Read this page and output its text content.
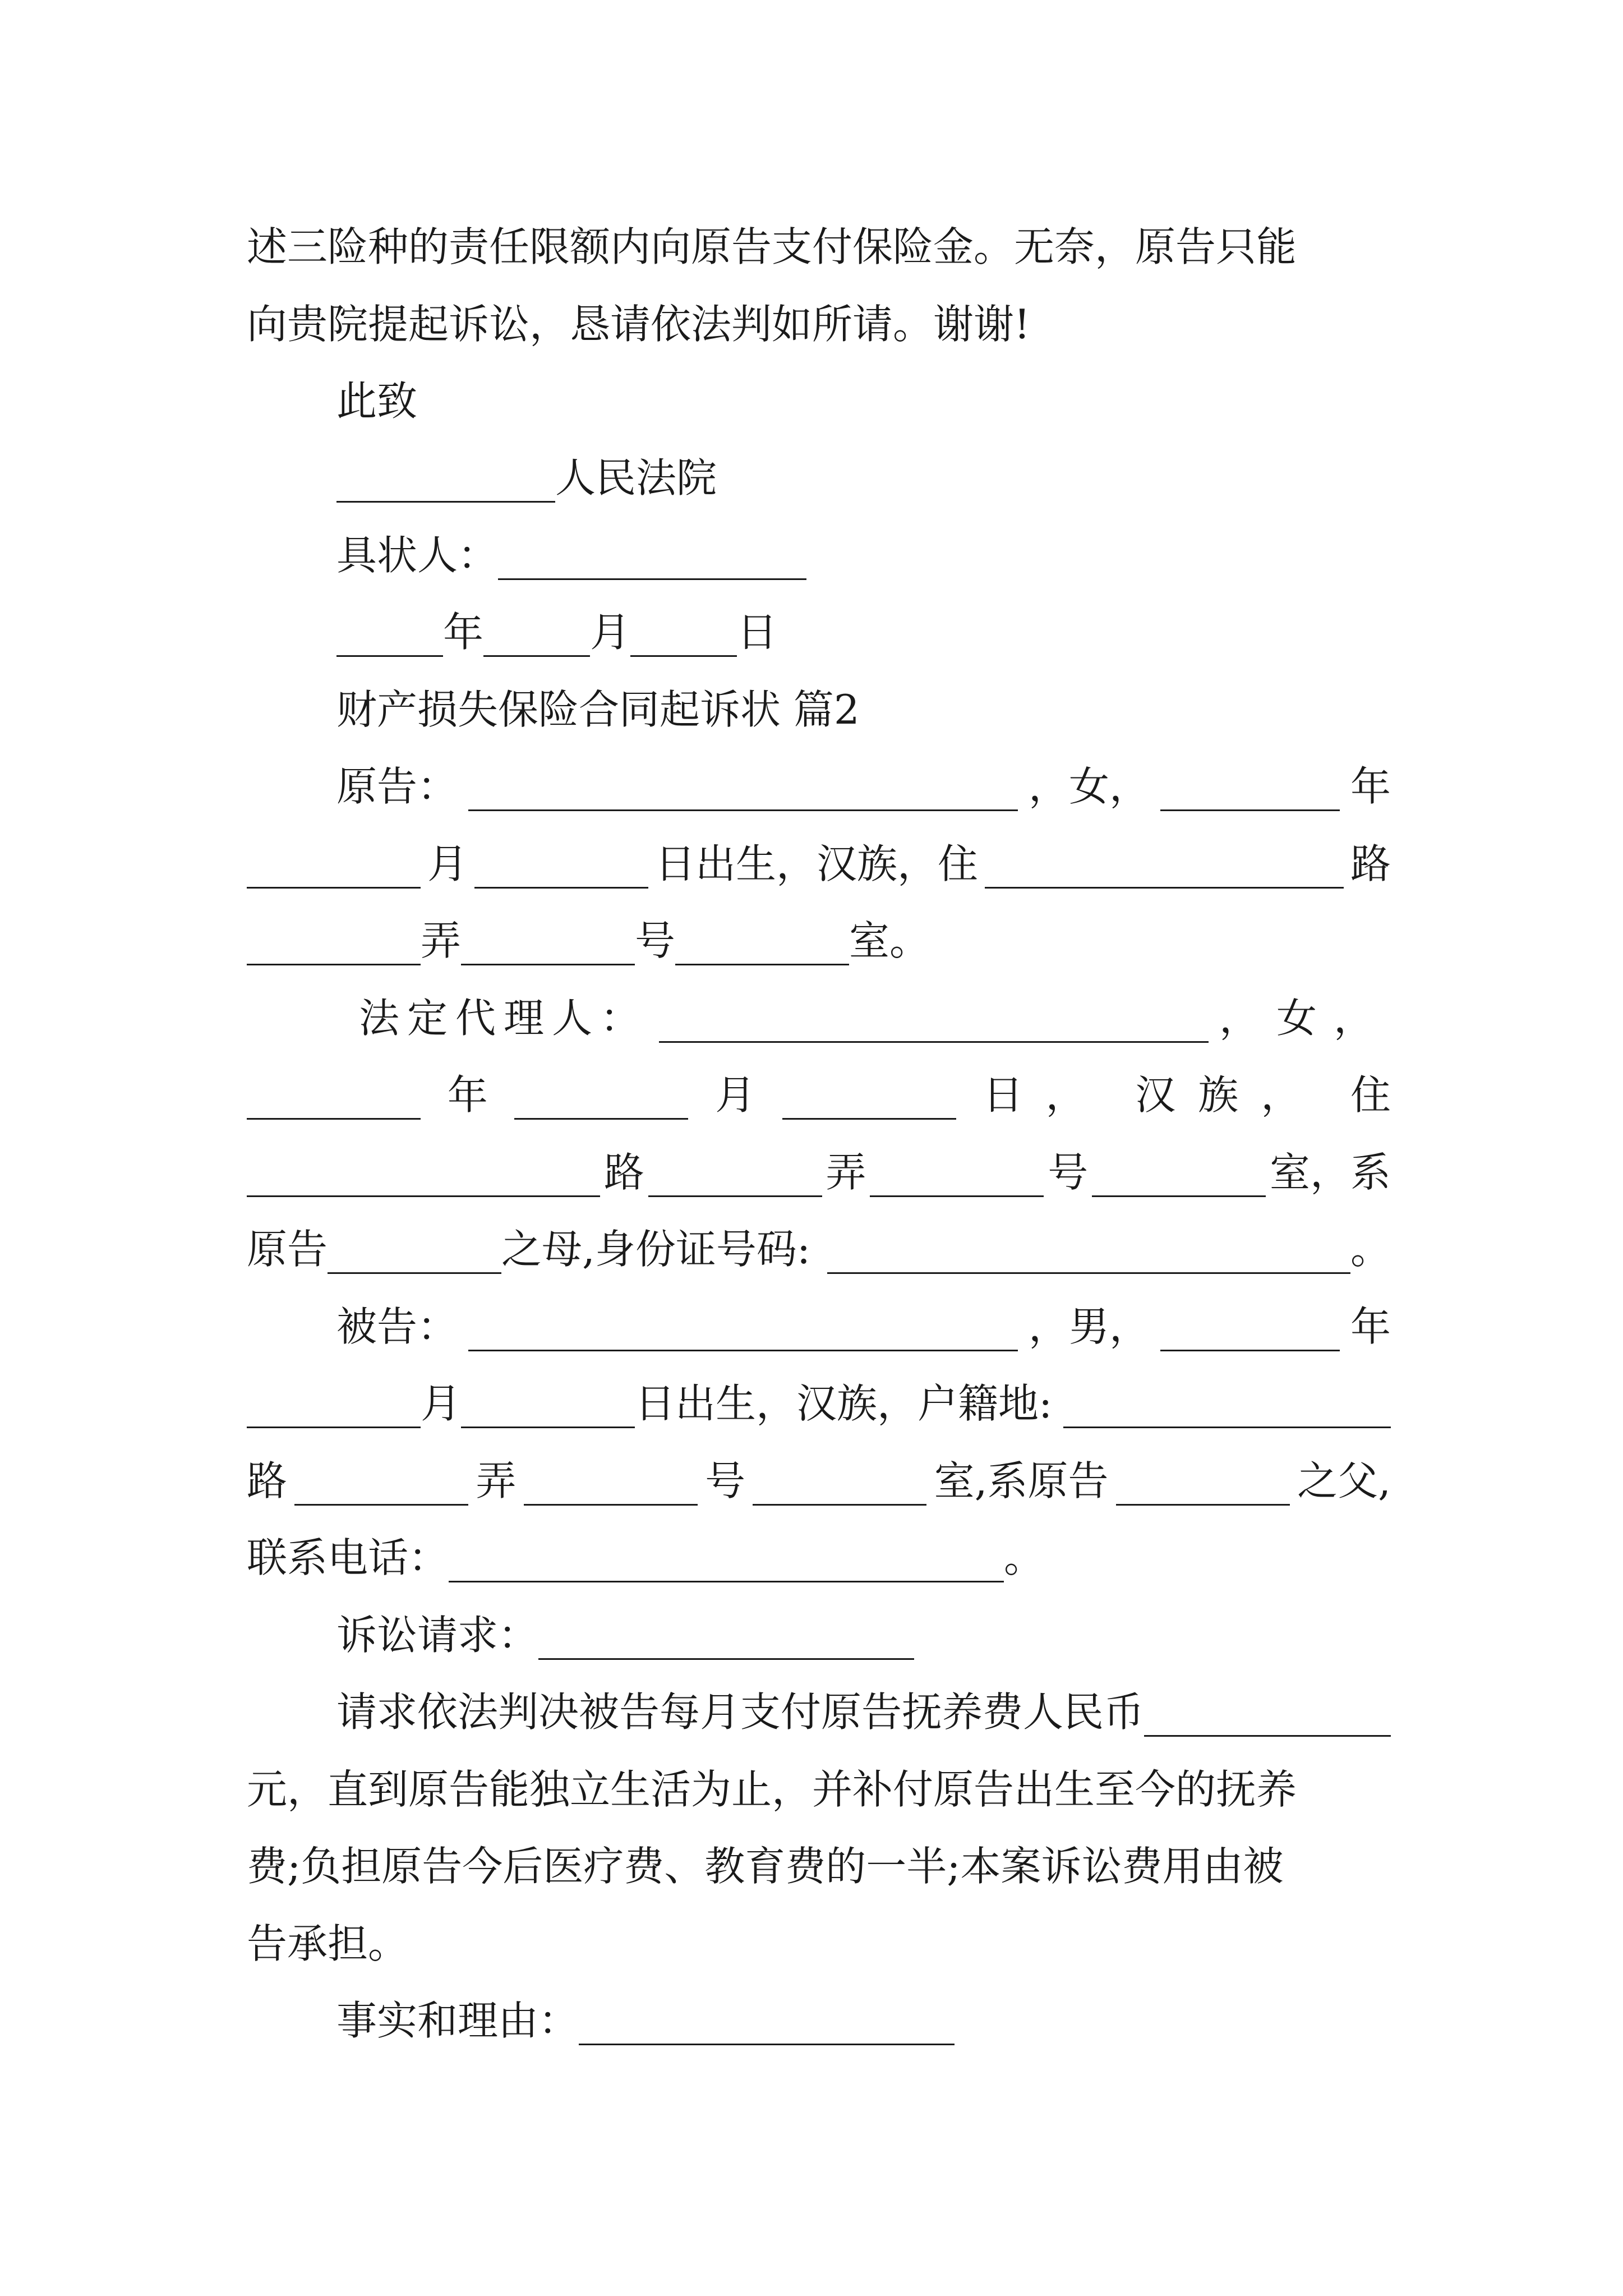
述三险种的责任限额内向原告支付保险金。无奈，原告只能
向贵院提起诉讼，恳请依法判如所请。谢谢!
此致
人民法院
具状人：
年	月	日
财产损失保险合同起诉状 篇2
原告：	，女，	年
月	日出生，汉族，住	路
弄	号	室。
法定代理人：	，女，
年	月	日， 汉族， 住
路	弄	号	室，系
原告	之母,身份证号码:	。
被告：	，男，	年
月	日出生，汉族，户籍地:
路	弄	号	室,系原告	之父,
联系电话：	。
诉讼请求：
请求依法判决被告每月支付原告抚养费人民币
元，直到原告能独立生活为止，并补付原告出生至今的抚养
费;负担原告今后医疗费、教育费的一半;本案诉讼费用由被
告承担。
事实和理由：
